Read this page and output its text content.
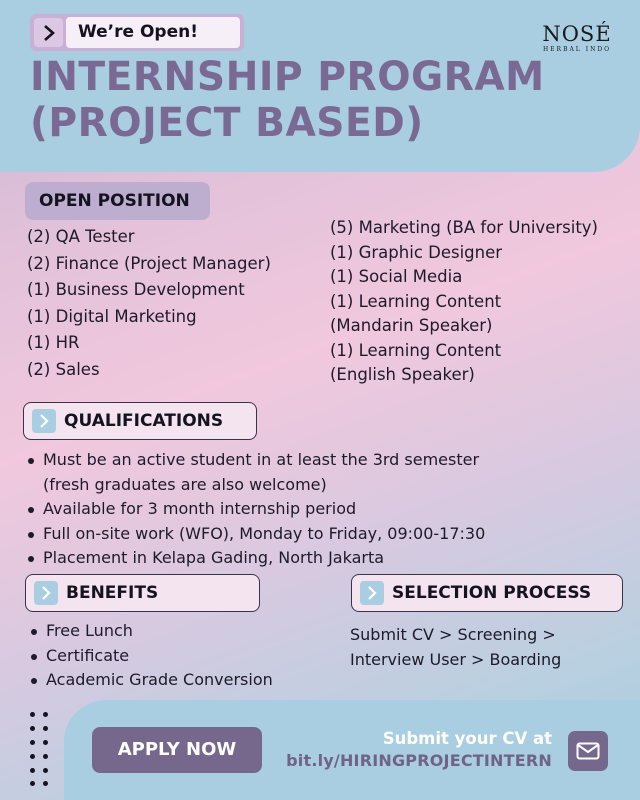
We’re Open!	NOSÉ
HERBAL INDO
INTERNSHIP PROGRAM
(PROJECT BASED)
OPEN POSITION
(2) QA Tester
(2) Finance (Project Manager)
(1) Business Development
(1) Digital Marketing
(1) HR
(2) Sales
(5) Marketing (BA for University)
(1) Graphic Designer
(1) Social Media
(1) Learning Content
(Mandarin Speaker)
(1) Learning Content
(English Speaker)
QUALIFICATIONS
Must be an active student in at least the 3rd semester
(fresh graduates are also welcome)
Available for 3 month internship period
Full on-site work (WFO), Monday to Friday, 09:00-17:30
Placement in Kelapa Gading, North Jakarta
BENEFITS	SELECTION PROCESS
Free Lunch
Certificate
Academic Grade Conversion
Submit CV > Screening >
Interview User > Boarding
APPLY NOW
Submit your CV at
bit.ly/HIRINGPROJECTINTERN
